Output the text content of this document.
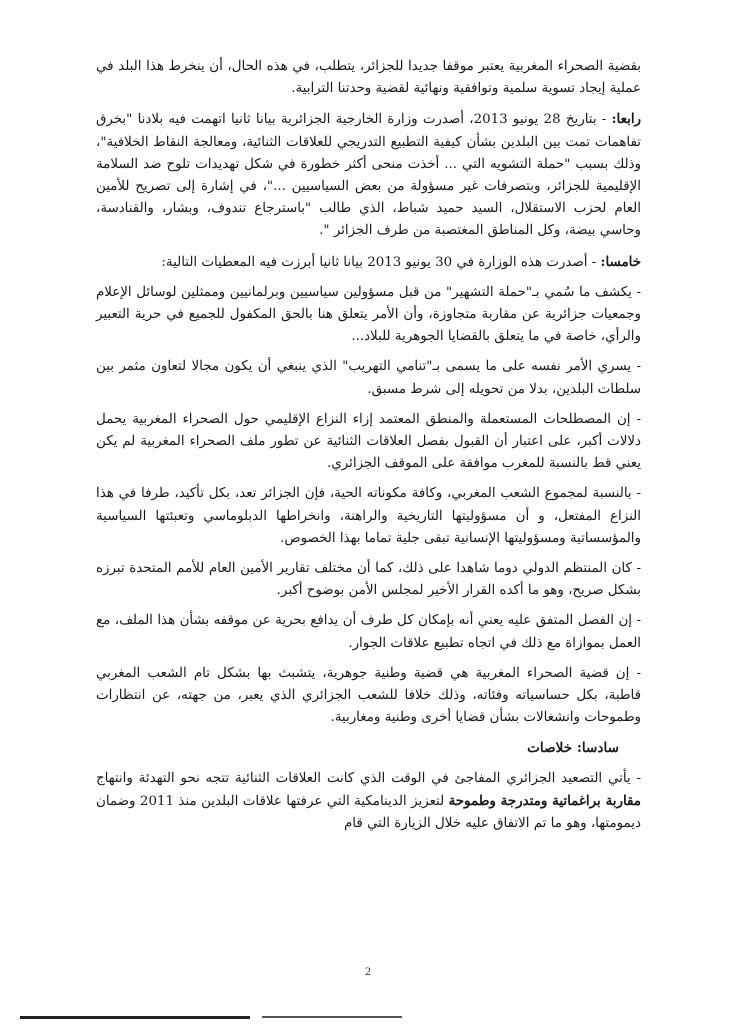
بقضية الصحراء المغربية يعتبر موقفا جديدا للجزائر، يتطلب، في هذه الحال، أن ينخرط هذا البلد في عملية إيجاد تسوية سلمية وتوافقية ونهائية لقضية وحدتنا الترابية.

رابعا: - بتاريخ 28 يونيو 2013، أصدرت وزارة الخارجية الجزائرية بيانا ثانيا اتهمت فيه بلادنا "بخرق تفاهمات تمت بين البلدين بشأن كيفية التطبيع التدريجي للعلاقات الثنائية، ومعالجة النقاط الخلافية"، وذلك بسبب "حملة التشويه التي ... أخذت منحى أكثر خطورة في شكل تهديدات تلوح ضد السلامة الإقليمية للجزائر، وبتصرفات غير مسؤولة من بعض السياسيين ..."، في إشارة إلى تصريح للأمين العام لحزب الاستقلال، السيد حميد شباط، الذي طالب "باسترجاع تندوف، وبشار، والقنادسة، وحاسي بيضة، وكل المناطق المغتصبة من طرف الجزائر ".

خامسا: - أصدرت هذه الوزارة في 30 يونيو 2013 بيانا ثانيا أبرزت فيه المعطيات التالية:

- يكشف ما سُمي بـ"حملة التشهير" من قبل مسؤولين سياسيين وبرلمانيين وممثلين لوسائل الإعلام وجمعيات جزائرية عن مقاربة متجاوزة، وأن الأمر يتعلق هنا بالحق المكفول للجميع في حرية التعبير والرأي، خاصة في ما يتعلق بالقضايا الجوهرية للبلاد...

- يسري الأمر نفسه على ما يسمى بـ"تنامي التهريب" الذي ينبغي أن يكون مجالا لتعاون مثمر بين سلطات البلدين، بدلا من تحويله إلى شرط مسبق.

- إن المصطلحات المستعملة والمنطق المعتمد إزاء النزاع الإقليمي حول الصحراء المغربية يحمل دلالات أكبر، على اعتبار أن القبول بفصل العلاقات الثنائية عن تطور ملف الصحراء المغربية لم يكن يعني قط بالنسبة للمغرب موافقة على الموقف الجزائري.

- بالنسبة لمجموع الشعب المغربي، وكافة مكوناته الحية، فإن الجزائر تعد، بكل تأكيد، طرفا في هذا النزاع المفتعل، و أن مسؤوليتها التاريخية والراهنة، وانخراطها الدبلوماسي وتعبئتها السياسية والمؤسساتية ومسؤوليتها الإنسانية تبقى جلية تماما بهذا الخصوص.

- كان المنتظم الدولي دوما شاهدا على ذلك، كما أن مختلف تقارير الأمين العام للأمم المتحدة تبرزه بشكل صريح، وهو ما أكده القرار الأخير لمجلس الأمن بوضوح أكبر.

- إن الفصل المتفق عليه يعني أنه بإمكان كل طرف أن يدافع بحرية عن موقفه بشأن هذا الملف، مع العمل بموازاة مع ذلك في اتجاه تطبيع علاقات الجوار.

- إن قضية الصحراء المغربية هي قضية وطنية جوهرية، يتشبث بها بشكل تام الشعب المغربي قاطبة، بكل حساسياته وفئاته، وذلك خلافا للشعب الجزائري الذي يعبر، من جهته، عن انتظارات وطموحات وانشغالات بشأن قضايا أخرى وطنية ومغاربية.

سادسا: خلاصات

- يأتي التصعيد الجزائري المفاجئ في الوقت الذي كانت العلاقات الثنائية تتجه نحو التهدئة وانتهاج مقاربة براغماتية ومتدرجة وطموحة لتعزيز الدينامكية التي عرفتها علاقات البلدين منذ 2011 وضمان ديمومتها، وهو ما تم الاتفاق عليه خلال الزيارة التي قام

2
